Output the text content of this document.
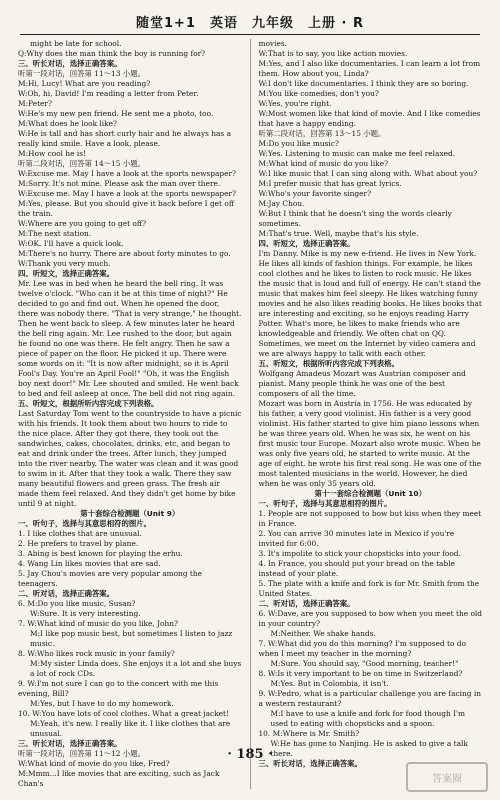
随堂1+1　英语　九年级　上册 · R
might be late for school.
Q:Why does the man think the boy is running for?
三、听长对话，选择正确答案。
听第一段对话，回答第 11～13 小题。
M:Hi, Lucy! What are you reading?
W:Oh, hi, David! I'm reading a letter from Peter.
M:Peter?
W:He's my new pen friend. He sent me a photo, too.
M:What does he look like?
W:He is tall and has short curly hair and he always has a really kind smile. Have a look, please.
M:How cool he is!
听第二段对话，回答第 14～15 小题。
W:Excuse me. May I have a look at the sports newspaper?
M:Sorry. It's not mine. Please ask the man over there.
W:Excuse me. May I have a look at the sports newspaper?
M:Yes, please. But you should give it back before I get off the train.
W:Where are you going to get off?
M:The next station.
W:OK. I'll have a quick look.
M:There's no hurry. There are about forty minutes to go.
W:Thank you very much.
四、听短文，选择正确答案。
Mr. Lee was in bed when he heard the bell ring. It was twelve o'clock. "Who can it be at this time of night?" He decided to go and find out. When he opened the door, there was nobody there. "That is very strange," he thought. Then he went back to sleep. A few minutes later he heard the bell ring again. Mr. Lee rushed to the door, but again he found no one was there. He felt angry. Then he saw a piece of paper on the floor. He picked it up. There were some words on it: "It is now after midnight, so it is April Fool's Day. You're an April Fool!" "Oh, it was the English boy next door!" Mr. Lee shouted and smiled. He went back to bed and fell asleep at once. The bell did not ring again.
五、听短文，根据所听内容完成下列表格。
Last Saturday Tom went to the countryside to have a picnic with his friends. It took them about two hours to ride to the nice place. After they got there, they took out the sandwiches, cakes, chocolates, drinks, etc, and began to eat and drink under the trees. After lunch, they jumped into the river nearby. The water was clean and it was good to swim in it. After that they took a walk. There they saw many beautiful flowers and green grass. The fresh air made them feel relaxed. And they didn't get home by bike until 9 at night.
第十套综合检测题（Unit 9）
一、听句子，选择与其意思相符的图片。
1. I like clothes that are unusual.
2. He prefers to travel by plane.
3. Abing is best known for playing the erhu.
4. Wang Lin likes movies that are sad.
5. Jay Chou's movies are very popular among the teenagers.
二、听对话，选择正确答案。
6. M:Do you like music, Susan?
W:Sure. It is very interesting.
7. W:What kind of music do you like, John?
M:I like pop music best, but sometimes I listen to jazz music.
8. W:Who likes rock music in your family?
M:My sister Linda does. She enjoys it a lot and she buys a lot of rock CDs.
9. W:I'm not sure I can go to the concert with me this evening, Bill?
M:Yes, but I have to do my homework.
10. W:You have lots of cool clothes. What a great jacket!
M:Yeah, it's new. I really like it. I like clothes that are unusual.
三、听长对话，选择正确答案。
听第一段对话，回答第 11～12 小题。
W:What kind of movie do you like, Fred?
M:Mmm...I like movies that are exciting, such as Jack Chan's
movies.
W:That is to say, you like action movies.
M:Yes, and I also like documentaries. I can learn a lot from them. How about you, Linda?
W:I don't like documentaries. I think they are so boring.
M:You like comedies, don't you?
W:Yes, you're right.
W:Most women like that kind of movie. And I like comedies that have a happy ending.
听第二段对话，回答第 13～15 小题。
M:Do you like music?
W:Yes. Listening to music can make me feel relaxed.
M:What kind of music do you like?
W:I like music that I can sing along with. What about you?
M:I prefer music that has great lyrics.
W:Who's your favorite singer?
M:Jay Chou.
W:But I think that he doesn't sing the words clearly sometimes.
M:That's true. Well, maybe that's his style.
四、听短文，选择正确答案。
I'm Danny. Mike is my new e-friend. He lives in New York. He likes all kinds of fashion things. For example, he likes cool clothes and he likes to listen to rock music. He likes the music that is loud and full of energy. He can't stand the music that makes him feel sleepy. He likes watching funny movies and he also likes reading books. He likes books that are interesting and exciting, so he enjoys reading Harry Potter. What's more, he likes to make friends who are knowledgeable and friendly. We often chat on QQ. Sometimes, we meet on the Internet by video camera and we are always happy to talk with each other.
五、听短文，根据所听内容完成下列表格。
Wolfgang Amadeus Mozart was Austrian composer and pianist. Many people think he was one of the best composers of all the time.
Mozart was born in Austria in 1756. He was educated by his father, a very good violinist. His father is a very good violinist. His father started to give him piano lessons when he was three years old. When he was six, he went on his first music tour Europe. Mozart also wrote music. When he was only five years old, he started to write music. At the age of eight, he wrote his first real song. He was one of the most talented musicians in the world. However, he died when he was only 35 years old.
第十一套综合检测题（Unit 10）
一、听句子，选择与其意思相符的图片。
1. People are not supposed to bow but kiss when they meet in France.
2. You can arrive 30 minutes late in Mexico if you're invited for 6:00.
3. It's impolite to stick your chopsticks into your food.
4. In France, you should put your bread on the table instead of your plate.
5. The plate with a knife and fork is for Mr. Smith from the United States.
二、听对话，选择正确答案。
6. W:Dave, are you supposed to bow when you meet the old in your country?
M:Neither. We shake hands.
7. W:What did you do this morning? I'm supposed to do when I meet my teacher in the morning?
M:Sure. You should say, "Good morning, teacher!"
8. W:Is it very important to be on time in Switzerland?
M:Yes. But in Colombia, it isn't.
9. W:Pedro, what is a particular challenge you are facing in a western restaurant?
M:I have to use a knife and fork for food though I'm used to eating with chopsticks and a spoon.
10. M:Where is Mr. Smith?
W:He has gone to Nanjing. He is asked to give a talk there.
三、听长对话，选择正确答案。
· 185 ·
答案圈
